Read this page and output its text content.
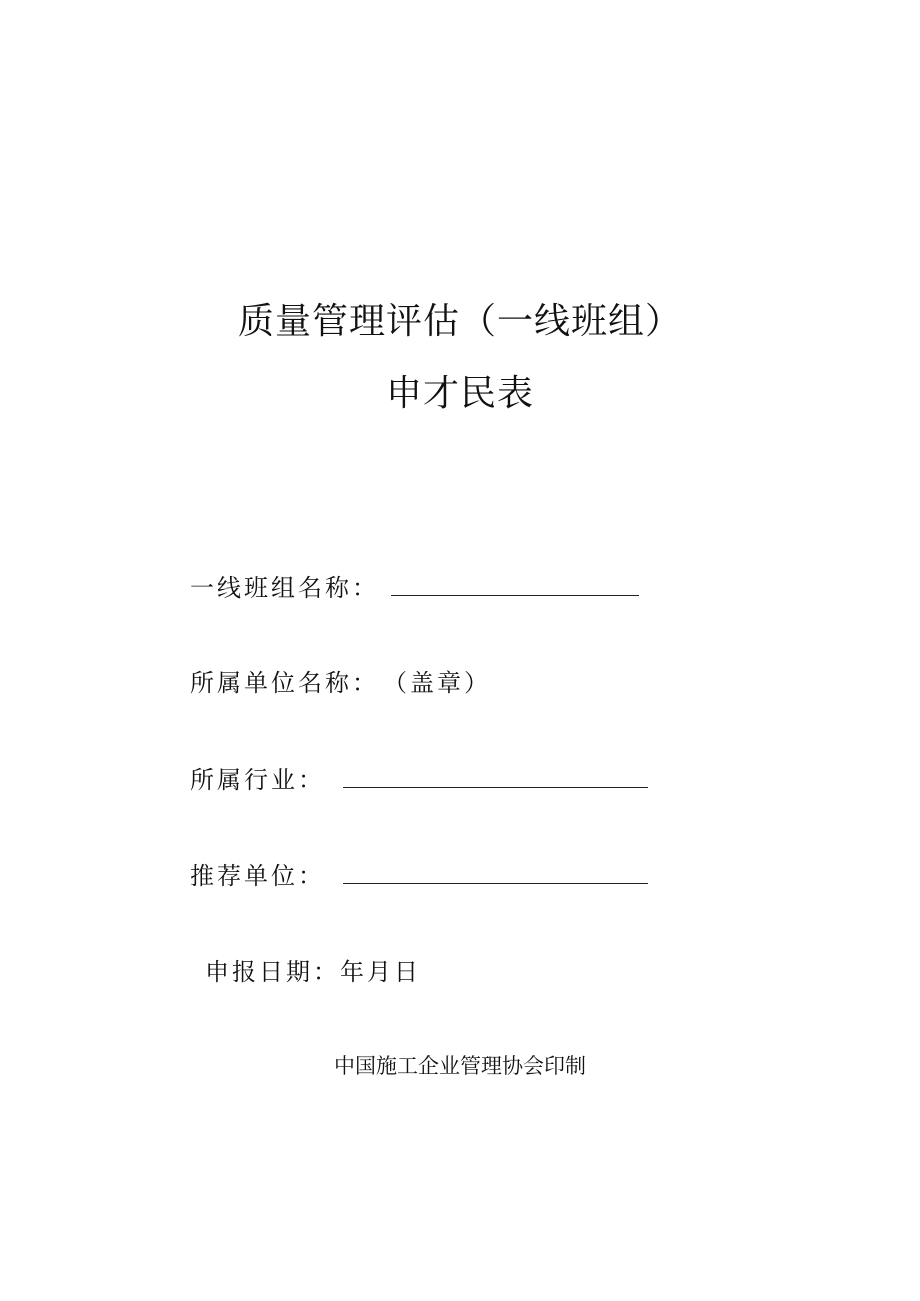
质量管理评估（一线班组）
申才民表
一线班组名称：
所属单位名称： （盖章）
所属行业：
推荐单位：
申报日期： 年月日
中国施工企业管理协会印制
